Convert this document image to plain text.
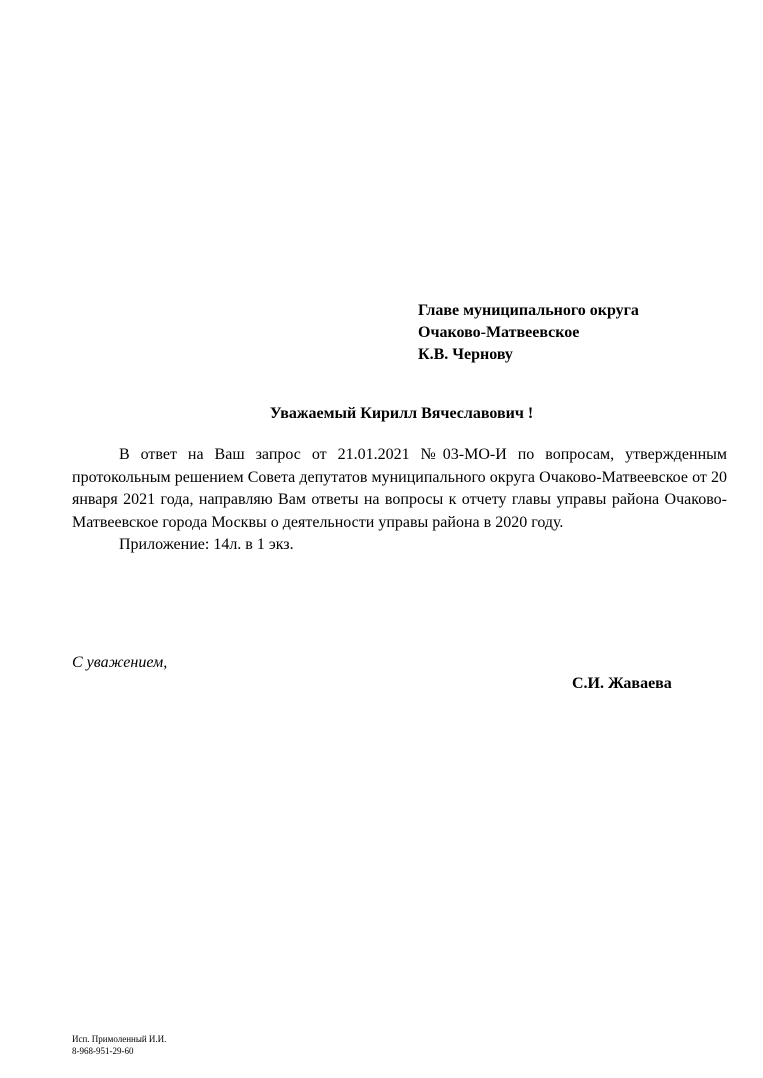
Главе муниципального округа
Очаково-Матвеевское
К.В. Чернову
Уважаемый Кирилл Вячеславович !

В ответ на Ваш запрос от 21.01.2021 №03-МО-И по вопросам, утвержденным протокольным решением Совета депутатов муниципального округа Очаково-Матвеевское от 20 января 2021 года, направляю Вам ответы на вопросы к отчету главы управы района Очаково-Матвеевское города Москвы о деятельности управы района в 2020 году.

Приложение: 14л. в 1 экз.

С уважением,
С.И. Жаваева
Исп. Примоленный И.И.
8-968-951-29-60
